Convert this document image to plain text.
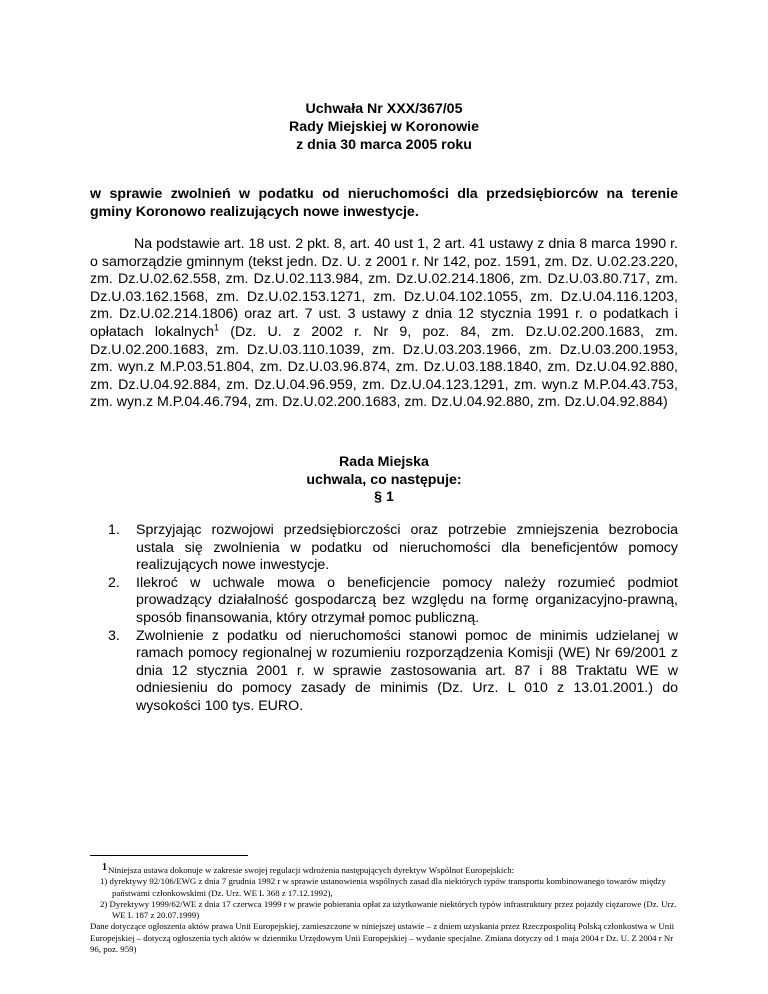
Uchwała Nr XXX/367/05
Rady Miejskiej w Koronowie
z dnia 30 marca 2005 roku
w sprawie zwolnień w podatku od nieruchomości dla przedsiębiorców na terenie gminy Koronowo realizujących nowe inwestycje.
Na podstawie art. 18 ust. 2 pkt. 8, art. 40 ust 1, 2 art. 41 ustawy z dnia 8 marca 1990 r. o samorządzie gminnym (tekst jedn. Dz. U. z 2001 r. Nr 142, poz. 1591, zm. Dz. U.02.23.220, zm. Dz.U.02.62.558, zm. Dz.U.02.113.984, zm. Dz.U.02.214.1806, zm. Dz.U.03.80.717, zm. Dz.U.03.162.1568, zm. Dz.U.02.153.1271, zm. Dz.U.04.102.1055, zm. Dz.U.04.116.1203, zm. Dz.U.02.214.1806) oraz art. 7 ust. 3 ustawy z dnia 12 stycznia 1991 r. o podatkach i opłatach lokalnych$^1$ (Dz. U. z 2002 r. Nr 9, poz. 84, zm. Dz.U.02.200.1683, zm. Dz.U.02.200.1683, zm. Dz.U.03.110.1039, zm. Dz.U.03.203.1966, zm. Dz.U.03.200.1953, zm. wyn.z M.P.03.51.804, zm. Dz.U.03.96.874, zm. Dz.U.03.188.1840, zm. Dz.U.04.92.880, zm. Dz.U.04.92.884, zm. Dz.U.04.96.959, zm. Dz.U.04.123.1291, zm. wyn.z M.P.04.43.753, zm. wyn.z M.P.04.46.794, zm. Dz.U.02.200.1683, zm. Dz.U.04.92.880, zm. Dz.U.04.92.884)
Rada Miejska
uchwala, co następuje:
§ 1
1. Sprzyjając rozwojowi przedsiębiorczości oraz potrzebie zmniejszenia bezrobocia ustala się zwolnienia w podatku od nieruchomości dla beneficjentów pomocy realizujących nowe inwestycje.
2. Ilekroć w uchwale mowa o beneficjencie pomocy należy rozumieć podmiot prowadzący działalność gospodarczą bez względu na formę organizacyjno-prawną, sposób finansowania, który otrzymał pomoc publiczną.
3. Zwolnienie z podatku od nieruchomości stanowi pomoc de minimis udzielanej w ramach pomocy regionalnej w rozumieniu rozporządzenia Komisji (WE) Nr 69/2001 z dnia 12 stycznia 2001 r. w sprawie zastosowania art. 87 i 88 Traktatu WE w odniesieniu do pomocy zasady de minimis (Dz. Urz. L 010 z 13.01.2001.) do wysokości 100 tys. EURO.

1Niniejsza ustawa dokonuje w zakresie swojej regulacji wdrożenia następujących dyrektyw Wspólnot Europejskich:

1) dyrektywy 92/106/EWG z dnia 7 grudnia 1992 r w sprawie ustanowienia wspólnych zasad dla niektórych typów transportu kombinowanego towarów między państwami członkowskimi (Dz. Urz. WE L 368 z 17.12.1992),

2) Dyrektywy 1999/62/WE z dnia 17 czerwca 1999 r w prawie pobierania opłat za użytkowanie niektórych typów infrastruktury przez pojazdy ciężarowe (Dz. Urz. WE L 187 z 20.07.1999)

Dane dotyczące ogłoszenia aktów prawa Unii Europejskiej, zamieszczone w niniejszej ustawie – z dniem uzyskania przez Rzeczpospolitą Polską członkostwa w Unii Europejskiej – dotyczą ogłoszenia tych aktów w dzienniku Urzędowym Unii Europejskiej – wydanie specjalne. Zmiana dotyczy od 1 maja 2004 r Dz. U. Z 2004 r Nr 96, poz. 959)
